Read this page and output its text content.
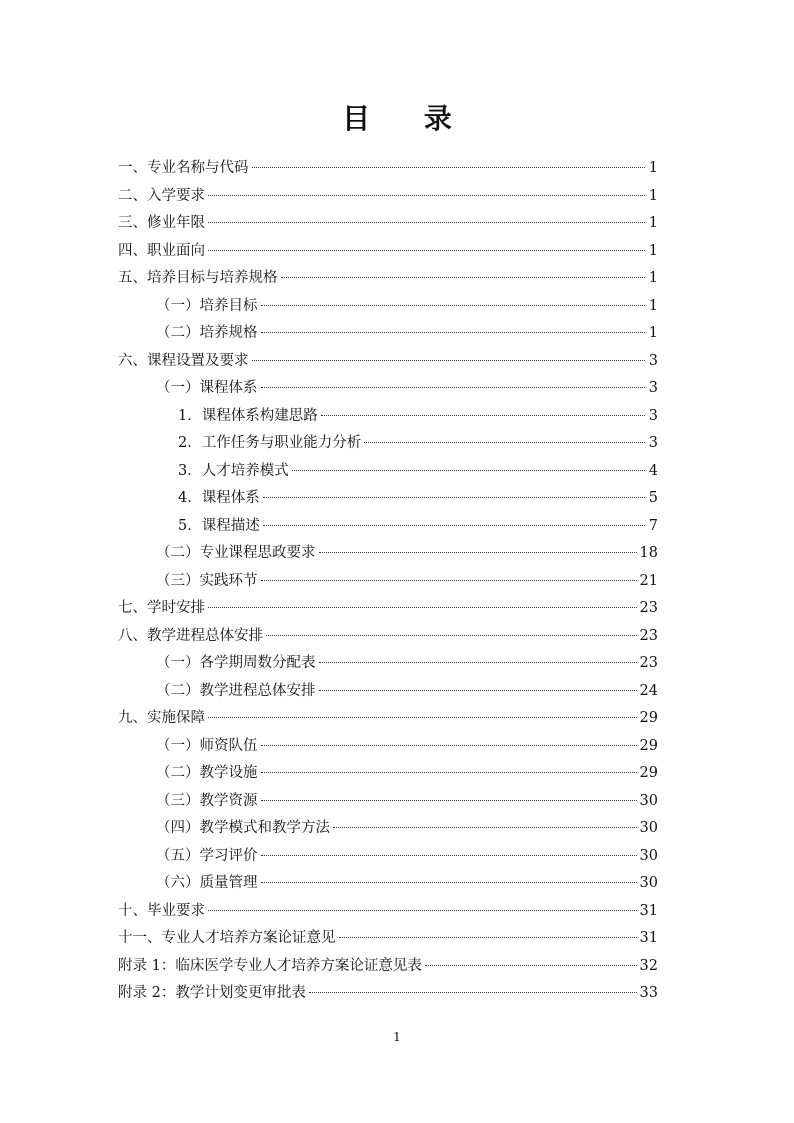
目 录
一、专业名称与代码	1
二、入学要求	1
三、修业年限	1
四、职业面向	1
五、培养目标与培养规格	1
（一）培养目标	1
（二）培养规格	1
六、课程设置及要求	3
（一）课程体系	3
1．课程体系构建思路	3
2．工作任务与职业能力分析	3
3．人才培养模式	4
4．课程体系	5
5．课程描述	7
（二）专业课程思政要求	18
（三）实践环节	21
七、学时安排	23
八、教学进程总体安排	23
（一）各学期周数分配表	23
（二）教学进程总体安排	24
九、实施保障	29
（一）师资队伍	29
（二）教学设施	29
（三）教学资源	30
（四）教学模式和教学方法	30
（五）学习评价	30
（六）质量管理	30
十、毕业要求	31
十一、专业人才培养方案论证意见	31
附录 1：临床医学专业人才培养方案论证意见表	32
附录 2：教学计划变更审批表	33
1
